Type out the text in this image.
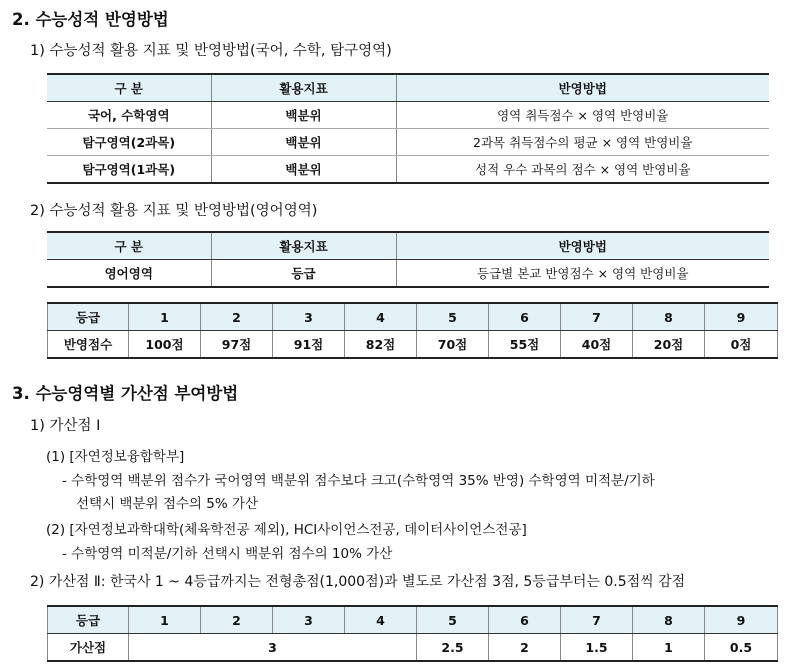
2. 수능성적 반영방법
1) 수능성적 활용 지표 및 반영방법(국어, 수학, 탐구영역)
구 분	활용지표	반영방법
국어, 수학영역	백분위	영역 취득점수 × 영역 반영비율
탐구영역(2과목)	백분위	2과목 취득점수의 평균 × 영역 반영비율
탐구영역(1과목)	백분위	성적 우수 과목의 점수 × 영역 반영비율
2) 수능성적 활용 지표 및 반영방법(영어영역)
구 분	활용지표	반영방법
영어영역	등급	등급별 본교 반영점수 × 영역 반영비율
등급	1	2	3	4	5	6	7	8	9
반영점수	100점	97점	91점	82점	70점	55점	40점	20점	0점
3. 수능영역별 가산점 부여방법
1) 가산점 Ⅰ
(1) [자연정보융합학부]
- 수학영역 백분위 점수가 국어영역 백분위 점수보다 크고(수학영역 35% 반영) 수학영역 미적분/기하
선택시 백분위 점수의 5% 가산
(2) [자연정보과학대학(체육학전공 제외), HCI사이언스전공, 데이터사이언스전공]
- 수학영역 미적분/기하 선택시 백분위 점수의 10% 가산
2) 가산점 Ⅱ: 한국사 1 ~ 4등급까지는 전형총점(1,000점)과 별도로 가산점 3점, 5등급부터는 0.5점씩 감점
등급	1	2	3	4	5	6	7	8	9
가산점	3				2.5	2	1.5	1	0.5
